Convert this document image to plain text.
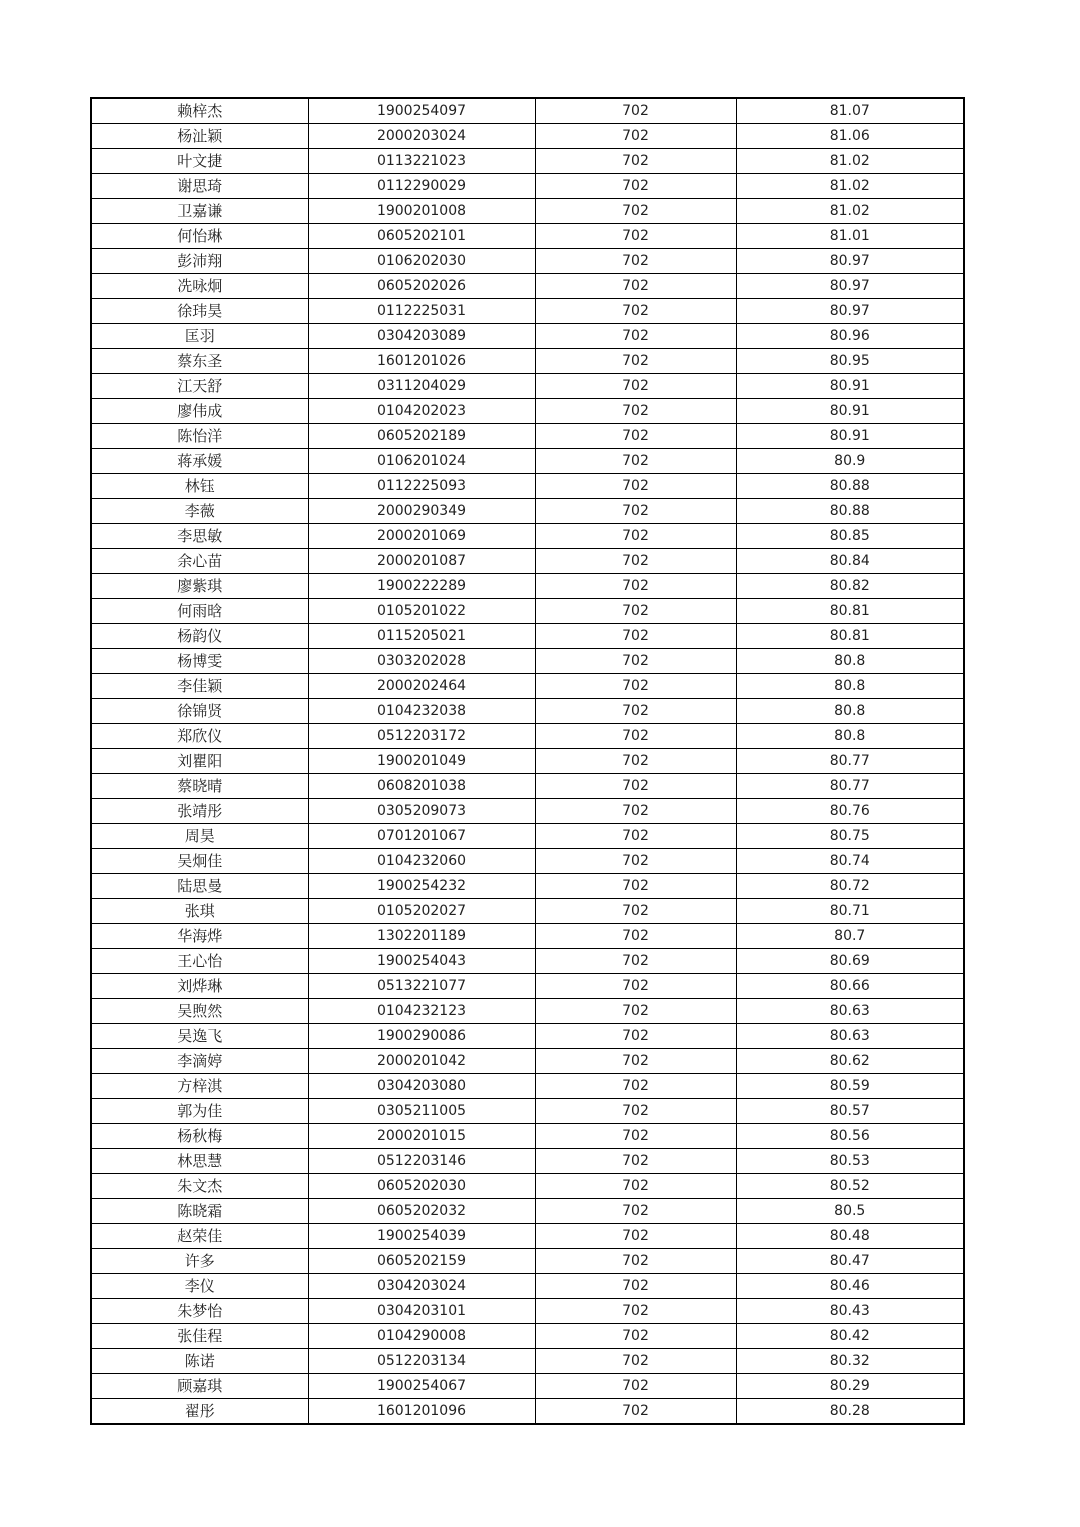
赖梓杰	1900254097	702	81.07
杨沚颖	2000203024	702	81.06
叶文捷	0113221023	702	81.02
谢思琦	0112290029	702	81.02
卫嘉谦	1900201008	702	81.02
何怡琳	0605202101	702	81.01
彭沛翔	0106202030	702	80.97
冼咏炯	0605202026	702	80.97
徐玮昊	0112225031	702	80.97
匡羽	0304203089	702	80.96
蔡东圣	1601201026	702	80.95
江天舒	0311204029	702	80.91
廖伟成	0104202023	702	80.91
陈怡洋	0605202189	702	80.91
蒋承媛	0106201024	702	80.9
林钰	0112225093	702	80.88
李薇	2000290349	702	80.88
李思敏	2000201069	702	80.85
余心苗	2000201087	702	80.84
廖紫琪	1900222289	702	80.82
何雨晗	0105201022	702	80.81
杨韵仪	0115205021	702	80.81
杨博雯	0303202028	702	80.8
李佳颖	2000202464	702	80.8
徐锦贤	0104232038	702	80.8
郑欣仪	0512203172	702	80.8
刘瞿阳	1900201049	702	80.77
蔡晓晴	0608201038	702	80.77
张靖彤	0305209073	702	80.76
周昊	0701201067	702	80.75
吴炯佳	0104232060	702	80.74
陆思曼	1900254232	702	80.72
张琪	0105202027	702	80.71
华海烨	1302201189	702	80.7
王心怡	1900254043	702	80.69
刘烨琳	0513221077	702	80.66
吴煦然	0104232123	702	80.63
吴逸飞	1900290086	702	80.63
李滴婷	2000201042	702	80.62
方梓淇	0304203080	702	80.59
郭为佳	0305211005	702	80.57
杨秋梅	2000201015	702	80.56
林思慧	0512203146	702	80.53
朱文杰	0605202030	702	80.52
陈晓霜	0605202032	702	80.5
赵荣佳	1900254039	702	80.48
许多	0605202159	702	80.47
李仪	0304203024	702	80.46
朱梦怡	0304203101	702	80.43
张佳程	0104290008	702	80.42
陈诺	0512203134	702	80.32
顾嘉琪	1900254067	702	80.29
翟彤	1601201096	702	80.28
